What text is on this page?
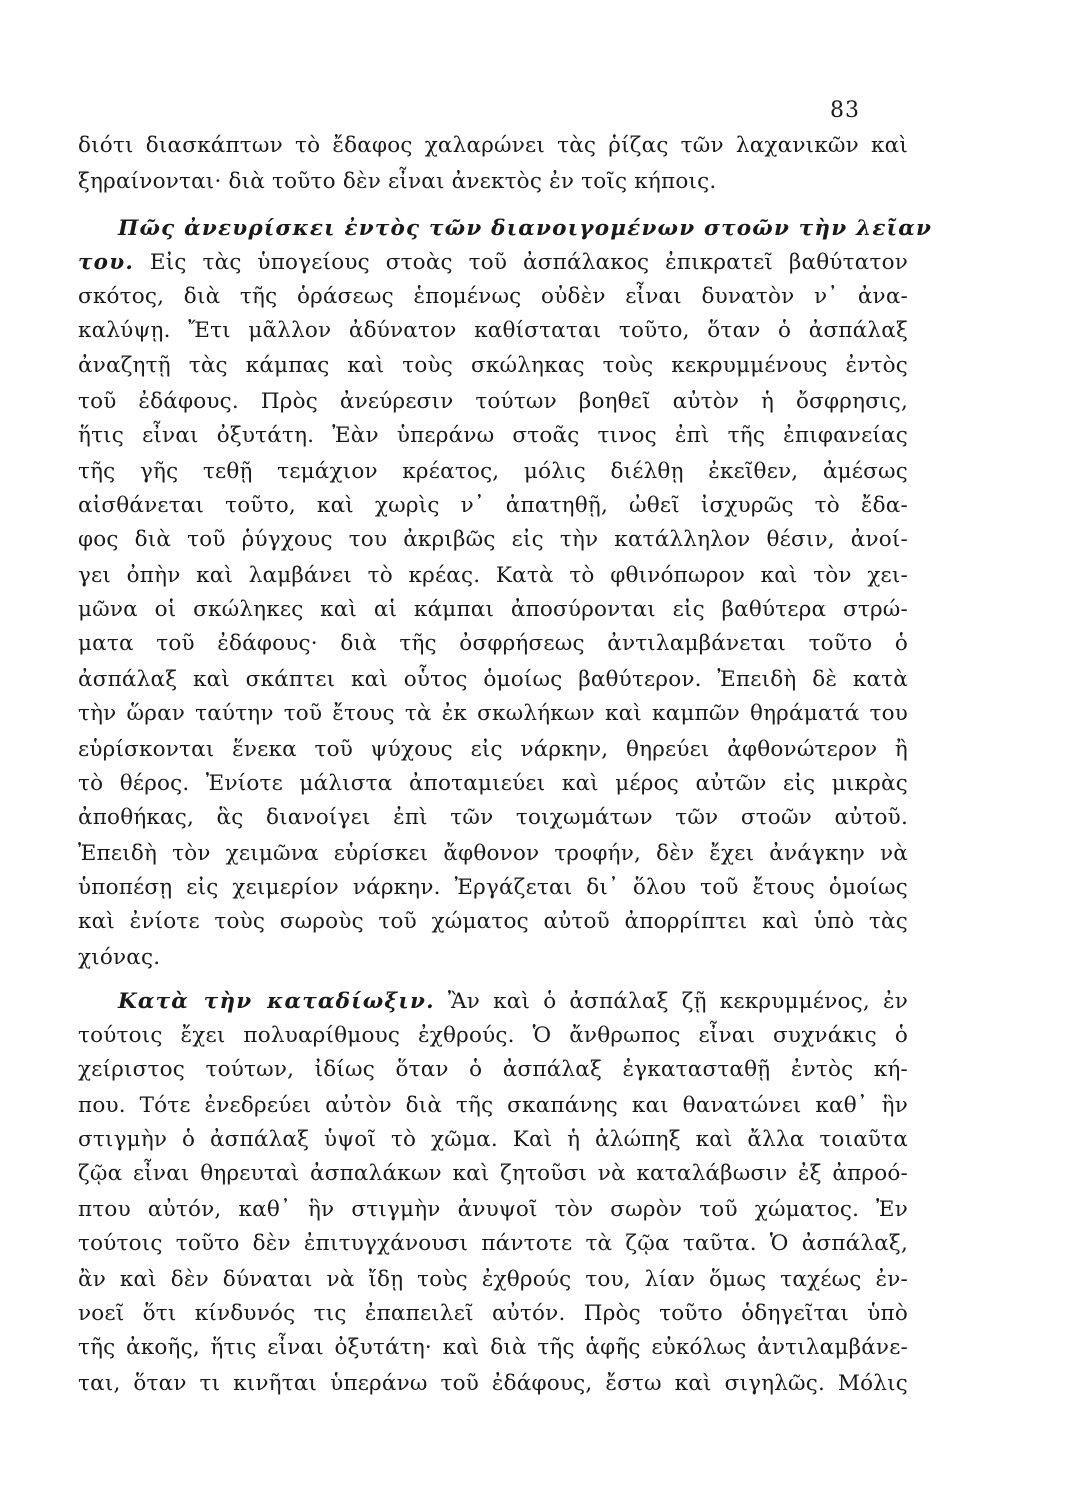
83
διότι διασκάπτων τὸ ἔδαφος χαλαρώνει τὰς ῥίζας τῶν λαχανικῶν καὶ
ξηραίνονται· διὰ τοῦτο δὲν εἶναι ἀνεκτὸς ἐν τοῖς κήποις.
Πῶς ἀνευρίσκει ἐντὸς τῶν διανοιγομένων στοῶν τὴν λεῖαν
του. Εἰς τὰς ὑπογείους στοὰς τοῦ ἀσπάλακος ἐπικρατεῖ βαθύτατον
σκότος, διὰ τῆς ὁράσεως ἑπομένως οὐδὲν εἶναι δυνατὸν ν᾽ ἀνα-
καλύψῃ. Ἔτι μᾶλλον ἀδύνατον καθίσταται τοῦτο, ὅταν ὁ ἀσπάλαξ
ἀναζητῇ τὰς κάμπας καὶ τοὺς σκώληκας τοὺς κεκρυμμένους ἐντὸς
τοῦ ἐδάφους. Πρὸς ἀνεύρεσιν τούτων βοηθεῖ αὐτὸν ἡ ὄσφρησις,
ἥτις εἶναι ὀξυτάτη. Ἐὰν ὑπεράνω στοᾶς τινος ἐπὶ τῆς ἐπιφανείας
τῆς γῆς τεθῇ τεμάχιον κρέατος, μόλις διέλθῃ ἐκεῖθεν, ἀμέσως
αἰσθάνεται τοῦτο, καὶ χωρὶς ν᾽ ἀπατηθῇ, ὠθεῖ ἰσχυρῶς τὸ ἔδα-
φος διὰ τοῦ ῥύγχους του ἀκριβῶς εἰς τὴν κατάλληλον θέσιν, ἀνοί-
γει ὀπὴν καὶ λαμβάνει τὸ κρέας. Κατὰ τὸ φθινόπωρον καὶ τὸν χει-
μῶνα οἱ σκώληκες καὶ αἱ κάμπαι ἀποσύρονται εἰς βαθύτερα στρώ-
ματα τοῦ ἐδάφους· διὰ τῆς ὀσφρήσεως ἀντιλαμβάνεται τοῦτο ὁ
ἀσπάλαξ καὶ σκάπτει καὶ οὗτος ὁμοίως βαθύτερον. Ἐπειδὴ δὲ κατὰ
τὴν ὥραν ταύτην τοῦ ἔτους τὰ ἐκ σκωλήκων καὶ καμπῶν θηράματά του
εὑρίσκονται ἕνεκα τοῦ ψύχους εἰς νάρκην, θηρεύει ἀφθονώτερον ἢ
τὸ θέρος. Ἐνίοτε μάλιστα ἀποταμιεύει καὶ μέρος αὐτῶν εἰς μικρὰς
ἀποθήκας, ἃς διανοίγει ἐπὶ τῶν τοιχωμάτων τῶν στοῶν αὐτοῦ.
Ἐπειδὴ τὸν χειμῶνα εὑρίσκει ἄφθονον τροφήν, δὲν ἔχει ἀνάγκην νὰ
ὑποπέσῃ εἰς χειμερίον νάρκην. Ἐργάζεται δι᾽ ὅλου τοῦ ἔτους ὁμοίως
καὶ ἐνίοτε τοὺς σωροὺς τοῦ χώματος αὐτοῦ ἀπορρίπτει καὶ ὑπὸ τὰς
χιόνας.
Κατὰ τὴν καταδίωξιν. Ἂν καὶ ὁ ἀσπάλαξ ζῇ κεκρυμμένος, ἐν
τούτοις ἔχει πολυαρίθμους ἐχθρούς. Ὁ ἄνθρωπος εἶναι συχνάκις ὁ
χείριστος τούτων, ἰδίως ὅταν ὁ ἀσπάλαξ ἐγκατασταθῇ ἐντὸς κή-
που. Τότε ἐνεδρεύει αὐτὸν διὰ τῆς σκαπάνης και θανατώνει καθ᾽ ἣν
στιγμὴν ὁ ἀσπάλαξ ὑψοῖ τὸ χῶμα. Καὶ ἡ ἀλώπηξ καὶ ἄλλα τοιαῦτα
ζῷα εἶναι θηρευταὶ ἀσπαλάκων καὶ ζητοῦσι νὰ καταλάβωσιν ἐξ ἀπροό-
πτου αὐτόν, καθ᾽ ἣν στιγμὴν ἀνυψοῖ τὸν σωρὸν τοῦ χώματος. Ἐν
τούτοις τοῦτο δὲν ἐπιτυγχάνουσι πάντοτε τὰ ζῷα ταῦτα. Ὁ ἀσπάλαξ,
ἂν καὶ δὲν δύναται νὰ ἴδῃ τοὺς ἐχθρούς του, λίαν ὅμως ταχέως ἐν-
νοεῖ ὅτι κίνδυνός τις ἐπαπειλεῖ αὐτόν. Πρὸς τοῦτο ὁδηγεῖται ὑπὸ
τῆς ἀκοῆς, ἥτις εἶναι ὀξυτάτη· καὶ διὰ τῆς ἁφῆς εὐκόλως ἀντιλαμβάνε-
ται, ὅταν τι κινῆται ὑπεράνω τοῦ ἐδάφους, ἔστω καὶ σιγηλῶς. Μόλις
